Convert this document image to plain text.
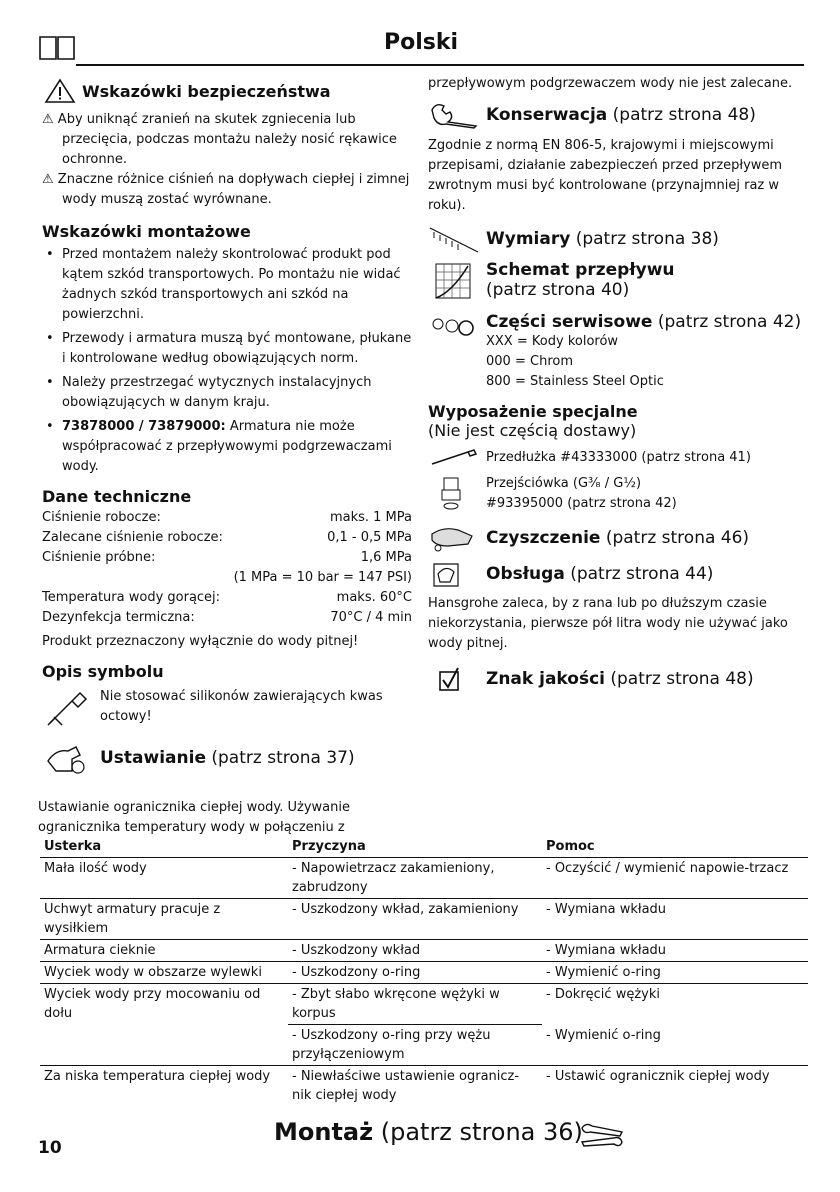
Polski
Wskazówki bezpieczeństwa
⚠ Aby uniknąć zranień na skutek zgniecenia lub przecięcia, podczas montażu należy nosić rękawice ochronne.
⚠ Znaczne różnice ciśnień na dopływach ciepłej i zimnej wody muszą zostać wyrównane.
Wskazówki montażowe
• Przed montażem należy skontrolować produkt pod kątem szkód transportowych. Po montażu nie widać żadnych szkód transportowych ani szkód na powierzchni.
• Przewody i armatura muszą być montowane, płukane i kontrolowane według obowiązujących norm.
• Należy przestrzegać wytycznych instalacyjnych obowiązujących w danym kraju.
• 73878000 / 73879000: Armatura nie może współpracować z przepływowymi podgrzewaczami wody.
Dane techniczne
Ciśnienie robocze:	maks. 1 MPa
Zalecane ciśnienie robocze:	0,1 - 0,5 MPa
Ciśnienie próbne:	1,6 MPa
(1 MPa = 10 bar = 147 PSI)
Temperatura wody gorącej:	maks. 60°C
Dezynfekcja termiczna:	70°C / 4 min
Produkt przeznaczony wyłącznie do wody pitnej!
Opis symbolu
Nie stosować silikonów zawierających kwas octowy!
Ustawianie (patrz strona 37)
Ustawianie ogranicznika ciepłej wody. Używanie ogranicznika temperatury wody w połączeniu z
przepływowym podgrzewaczem wody nie jest zalecane.
Konserwacja (patrz strona 48)
Zgodnie z normą EN 806-5, krajowymi i miejscowymi przepisami, działanie zabezpieczeń przed przepływem zwrotnym musi być kontrolowane (przynajmniej raz w roku).
Wymiary (patrz strona 38)
Schemat przepływu
(patrz strona 40)
Części serwisowe (patrz strona 42)
XXX = Kody kolorów
000 = Chrom
800 = Stainless Steel Optic
Wyposażenie specjalne
(Nie jest częścią dostawy)
Przedłużka #43333000 (patrz strona 41)
Przejściówka (G³⁄₈ / G½)
#93395000 (patrz strona 42)
Czyszczenie (patrz strona 46)
Obsługa (patrz strona 44)
Hansgrohe zaleca, by z rana lub po dłuższym czasie niekorzystania, pierwsze pół litra wody nie używać jako wody pitnej.
Znak jakości (patrz strona 48)
Usterka	Przyczyna	Pomoc
Mała ilość wody	- Napowietrzacz zakamieniony, zabrudzony	- Oczyścić / wymienić napowie-trzacz
Uchwyt armatury pracuje z wysiłkiem	- Uszkodzony wkład, zakamieniony	- Wymiana wkładu
Armatura cieknie	- Uszkodzony wkład	- Wymiana wkładu
Wyciek wody w obszarze wylewki	- Uszkodzony o-ring	- Wymienić o-ring
Wyciek wody przy mocowaniu od dołu	- Zbyt słabo wkręcone wężyki w korpus	- Dokręcić wężyki
	- Uszkodzony o-ring przy wężu przyłączeniowym	- Wymienić o-ring
Za niska temperatura ciepłej wody	- Niewłaściwe ustawienie ogranicz-nik ciepłej wody	- Ustawić ogranicznik ciepłej wody
10
Montaż (patrz strona 36)
